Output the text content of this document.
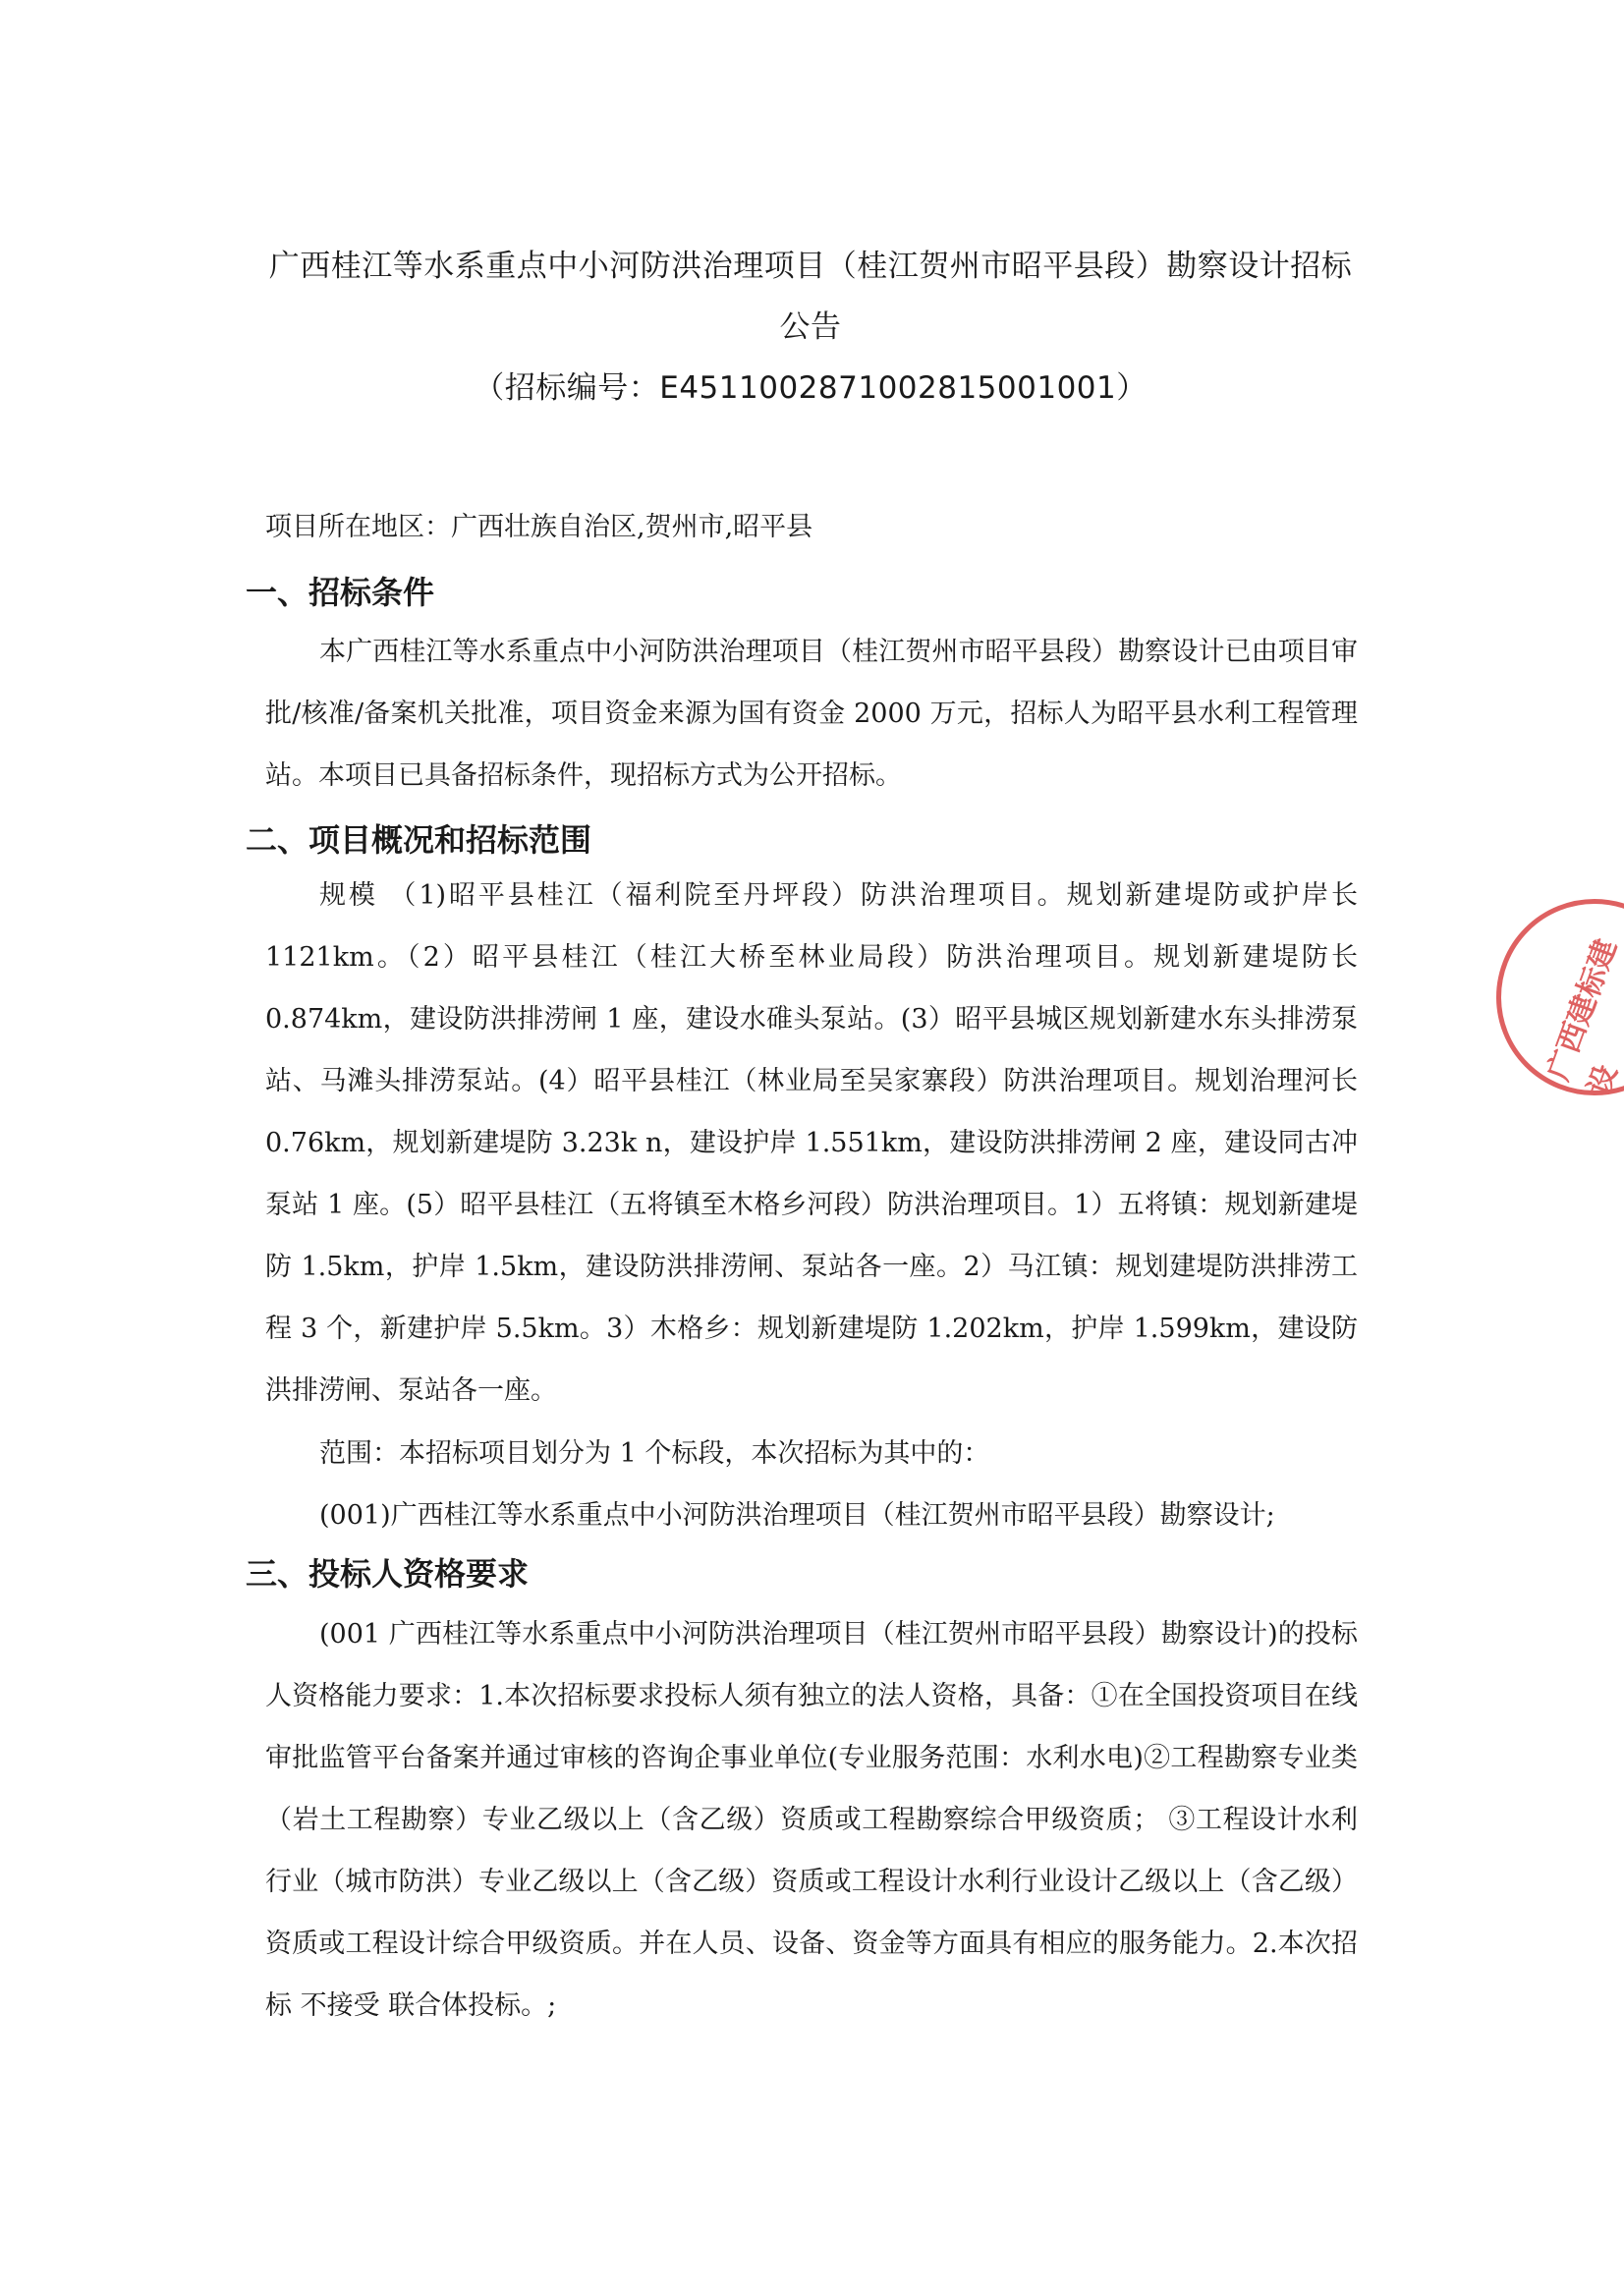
广西桂江等水系重点中小河防洪治理项目（桂江贺州市昭平县段）勘察设计招标
公告
（招标编号：E4511002871002815001001）
项目所在地区：广西壮族自治区,贺州市,昭平县
一、招标条件
本广西桂江等水系重点中小河防洪治理项目（桂江贺州市昭平县段）勘察设计已由项目审批/核准/备案机关批准，项目资金来源为国有资金 2000 万元，招标人为昭平县水利工程管理站。本项目已具备招标条件，现招标方式为公开招标。
二、项目概况和招标范围
规模 （1)昭平县桂江（福利院至丹坪段）防洪治理项目。规划新建堤防或护岸长 1121km。（2）昭平县桂江（桂江大桥至林业局段）防洪治理项目。规划新建堤防长 0.874km，建设防洪排涝闸 1 座，建设水碓头泵站。(3）昭平县城区规划新建水东头排涝泵站、马滩头排涝泵站。(4）昭平县桂江（林业局至吴家寨段）防洪治理项目。规划治理河长 0.76km，规划新建堤防 3.23k n，建设护岸 1.551km，建设防洪排涝闸 2 座，建设同古冲泵站 1 座。(5）昭平县桂江（五将镇至木格乡河段）防洪治理项目。1）五将镇：规划新建堤防 1.5km，护岸 1.5km，建设防洪排涝闸、泵站各一座。2）马江镇：规划建堤防洪排涝工程 3 个，新建护岸 5.5km。3）木格乡：规划新建堤防 1.202km，护岸 1.599km，建设防洪排涝闸、泵站各一座。
范围：本招标项目划分为 1 个标段，本次招标为其中的：
(001)广西桂江等水系重点中小河防洪治理项目（桂江贺州市昭平县段）勘察设计;
三、投标人资格要求
(001 广西桂江等水系重点中小河防洪治理项目（桂江贺州市昭平县段）勘察设计)的投标人资格能力要求：1.本次招标要求投标人须有独立的法人资格，具备：①在全国投资项目在线审批监管平台备案并通过审核的咨询企事业单位(专业服务范围：水利水电)②工程勘察专业类（岩土工程勘察）专业乙级以上（含乙级）资质或工程勘察综合甲级资质； ③工程设计水利行业（城市防洪）专业乙级以上（含乙级）资质或工程设计水利行业设计乙级以上（含乙级）资质或工程设计综合甲级资质。并在人员、设备、资金等方面具有相应的服务能力。2.本次招标 不接受 联合体投标。;
广西建标建设
